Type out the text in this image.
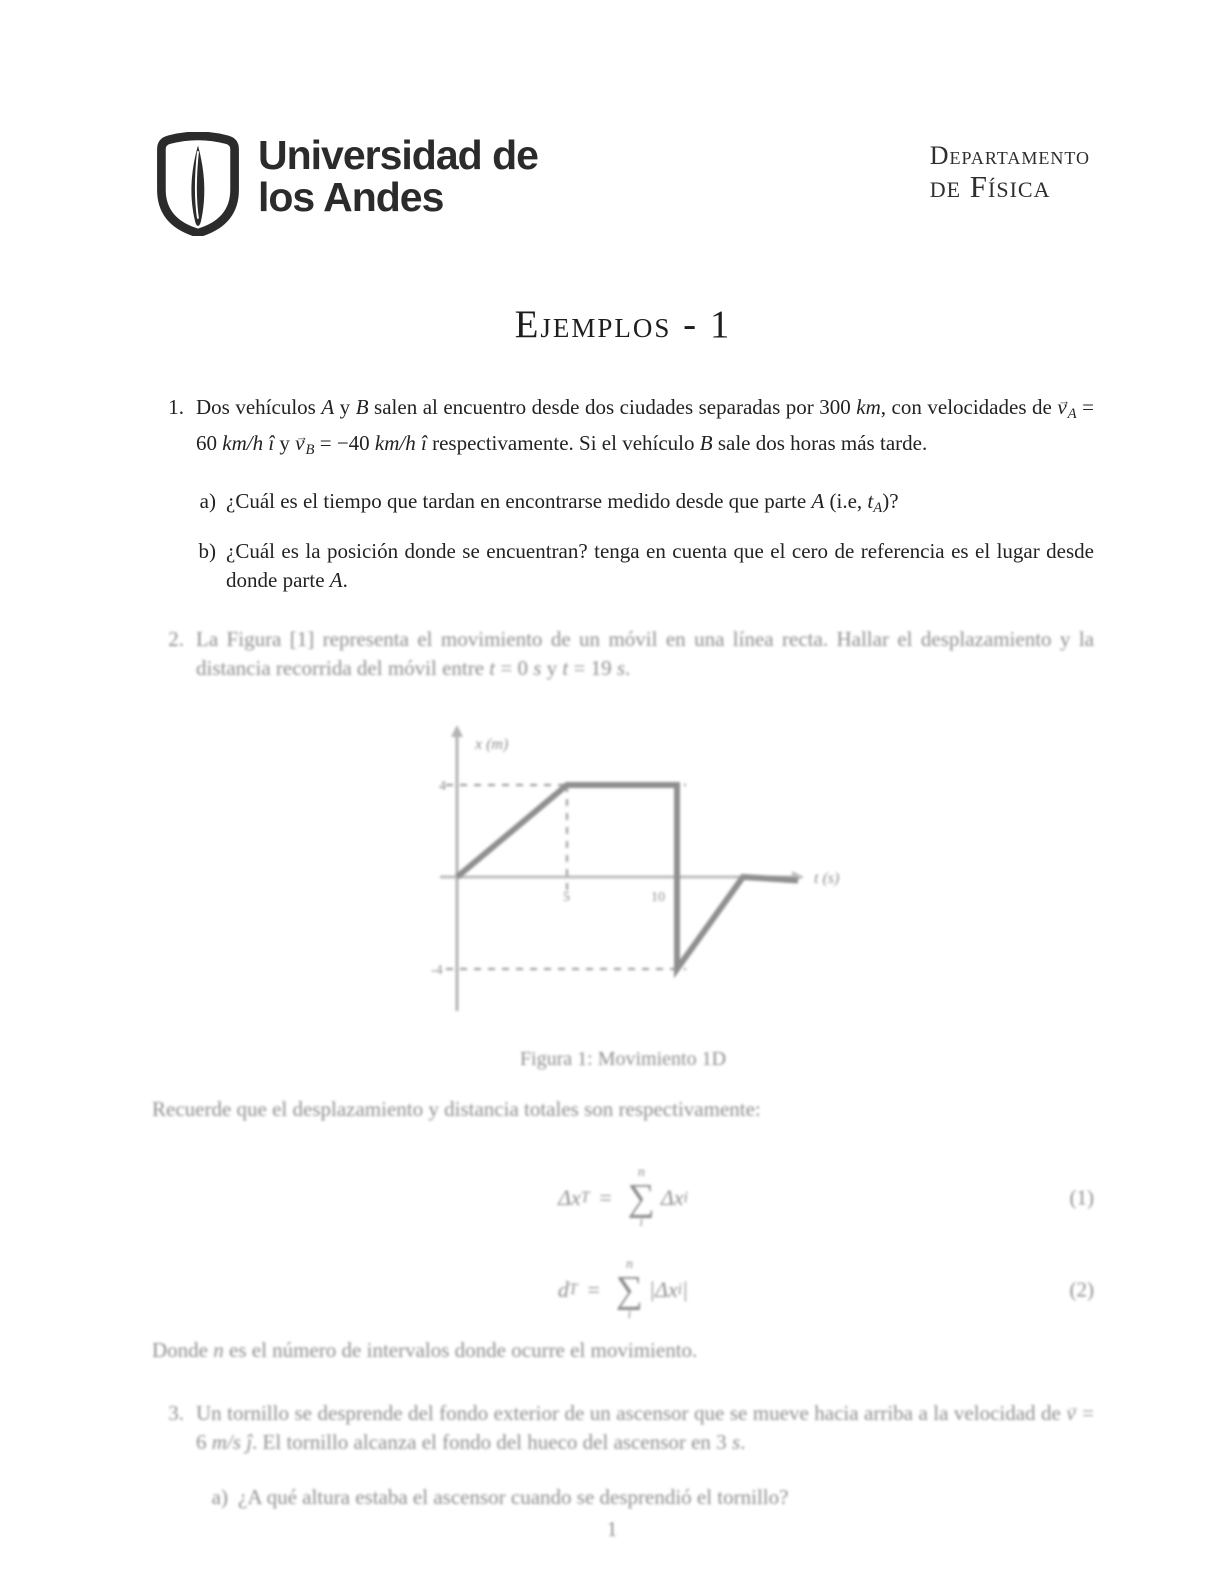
Universidad de
los Andes
Departamento
de Física
Ejemplos - 1
1. Dos vehículos A y B salen al encuentro desde dos ciudades separadas por 300 km, con velocidades de → vA = 60 km/h î y → vB = −40 km/h î respectivamente. Si el vehículo B sale dos horas más tarde.
a) ¿Cuál es el tiempo que tardan en encontrarse medido desde que parte A (i.e, tA)?
b) ¿Cuál es la posición donde se encuentran? tenga en cuenta que el cero de referencia es el lugar desde donde parte A.
2. La Figura [1] representa el movimiento de un móvil en una línea recta. Hallar el desplazamiento y la distancia recorrida del móvil entre t = 0 s y t = 19 s.
4
-4
5	10
x (m)
t (s)
Figura 1: Movimiento 1D
Recuerde que el desplazamiento y distancia totales son respectivamente:
Δx T =
n
∑
i
Δx i	(1)
d T =
n
∑
i
|Δx i |	(2)
Donde n es el número de intervalos donde ocurre el movimiento.
3. Un tornillo se desprende del fondo exterior de un ascensor que se mueve hacia arriba a la velocidad de → v = 6 m/s ĵ. El tornillo alcanza el fondo del hueco del ascensor en 3 s.
a) ¿A qué altura estaba el ascensor cuando se desprendió el tornillo?
1
